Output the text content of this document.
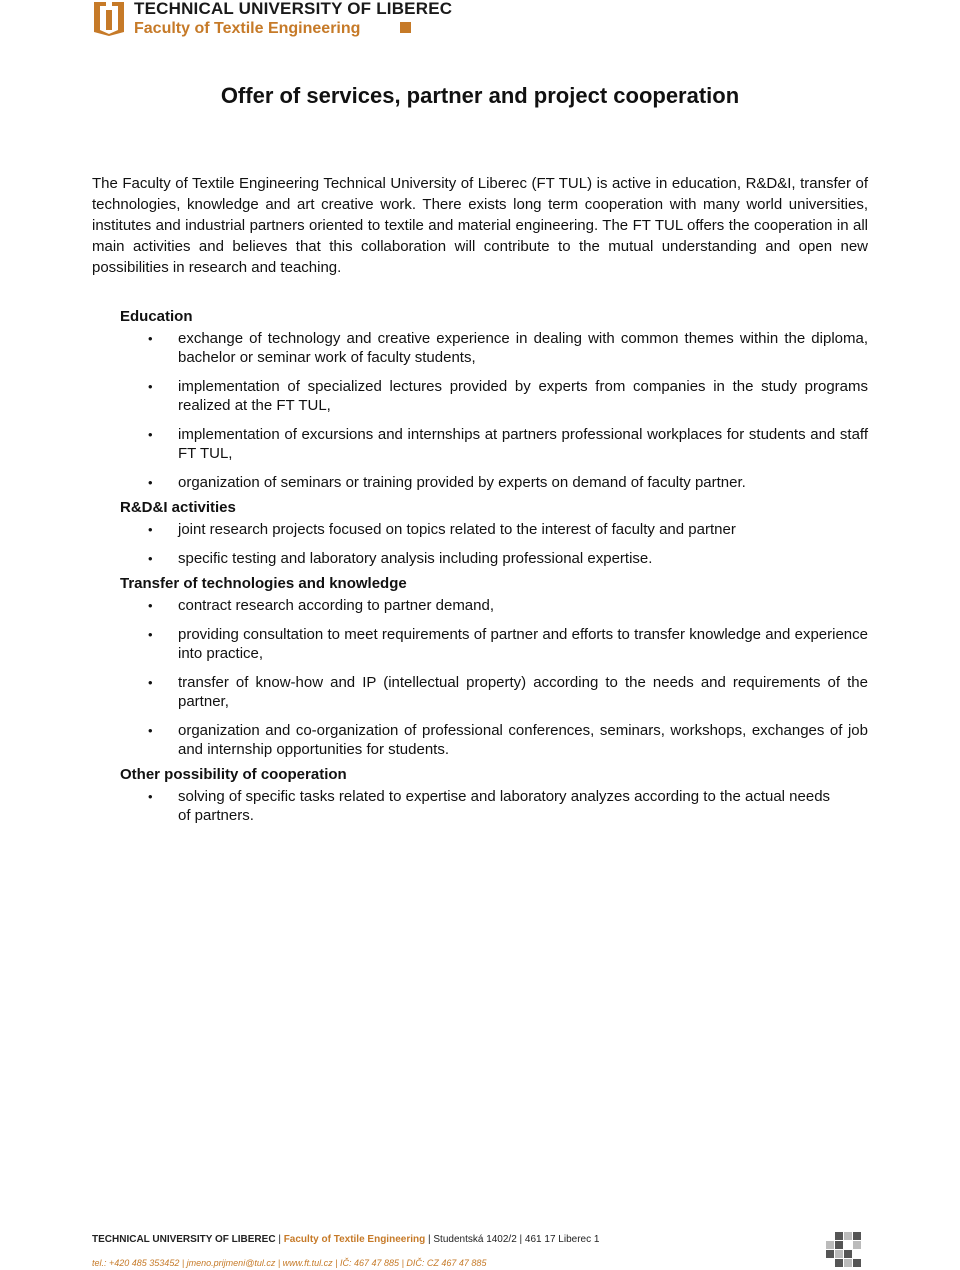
TECHNICAL UNIVERSITY OF LIBEREC
Faculty of Textile Engineering
Offer of services, partner and project cooperation
The Faculty of Textile Engineering Technical University of Liberec (FT TUL) is active in education, R&D&I, transfer of technologies, knowledge and art creative work. There exists long term cooperation with many world universities, institutes and industrial partners oriented to textile and material engineering. The FT TUL offers the cooperation in all main activities and believes that this collaboration will contribute to the mutual understanding and open new possibilities in research and teaching.
Education
• exchange of technology and creative experience in dealing with common themes within the diploma, bachelor or seminar work of faculty students,
• implementation of specialized lectures provided by experts from companies in the study programs realized at the FT TUL,
• implementation of excursions and internships at partners professional workplaces for students and staff FT TUL,
• organization of seminars or training provided by experts on demand of faculty partner.
R&D&I activities
• joint research projects focused on topics related to the interest of faculty and partner
• specific testing and laboratory analysis including professional expertise.
Transfer of technologies and knowledge
• contract research according to partner demand,
• providing consultation to meet requirements of partner and efforts to transfer knowledge and experience into practice,
• transfer of know-how and IP (intellectual property) according to the needs and requirements of the partner,
• organization and co-organization of professional conferences, seminars, workshops, exchanges of job and internship opportunities for students.
Other possibility of cooperation
• solving of specific tasks related to expertise and laboratory analyzes according to the actual needs of partners.
TECHNICAL UNIVERSITY OF LIBEREC | Faculty of Textile Engineering | Studentská 1402/2 | 461 17 Liberec 1
tel.: +420 485 353452 | jmeno.prijmeni@tul.cz | www.ft.tul.cz | IČ: 467 47 885 | DIČ: CZ 467 47 885
